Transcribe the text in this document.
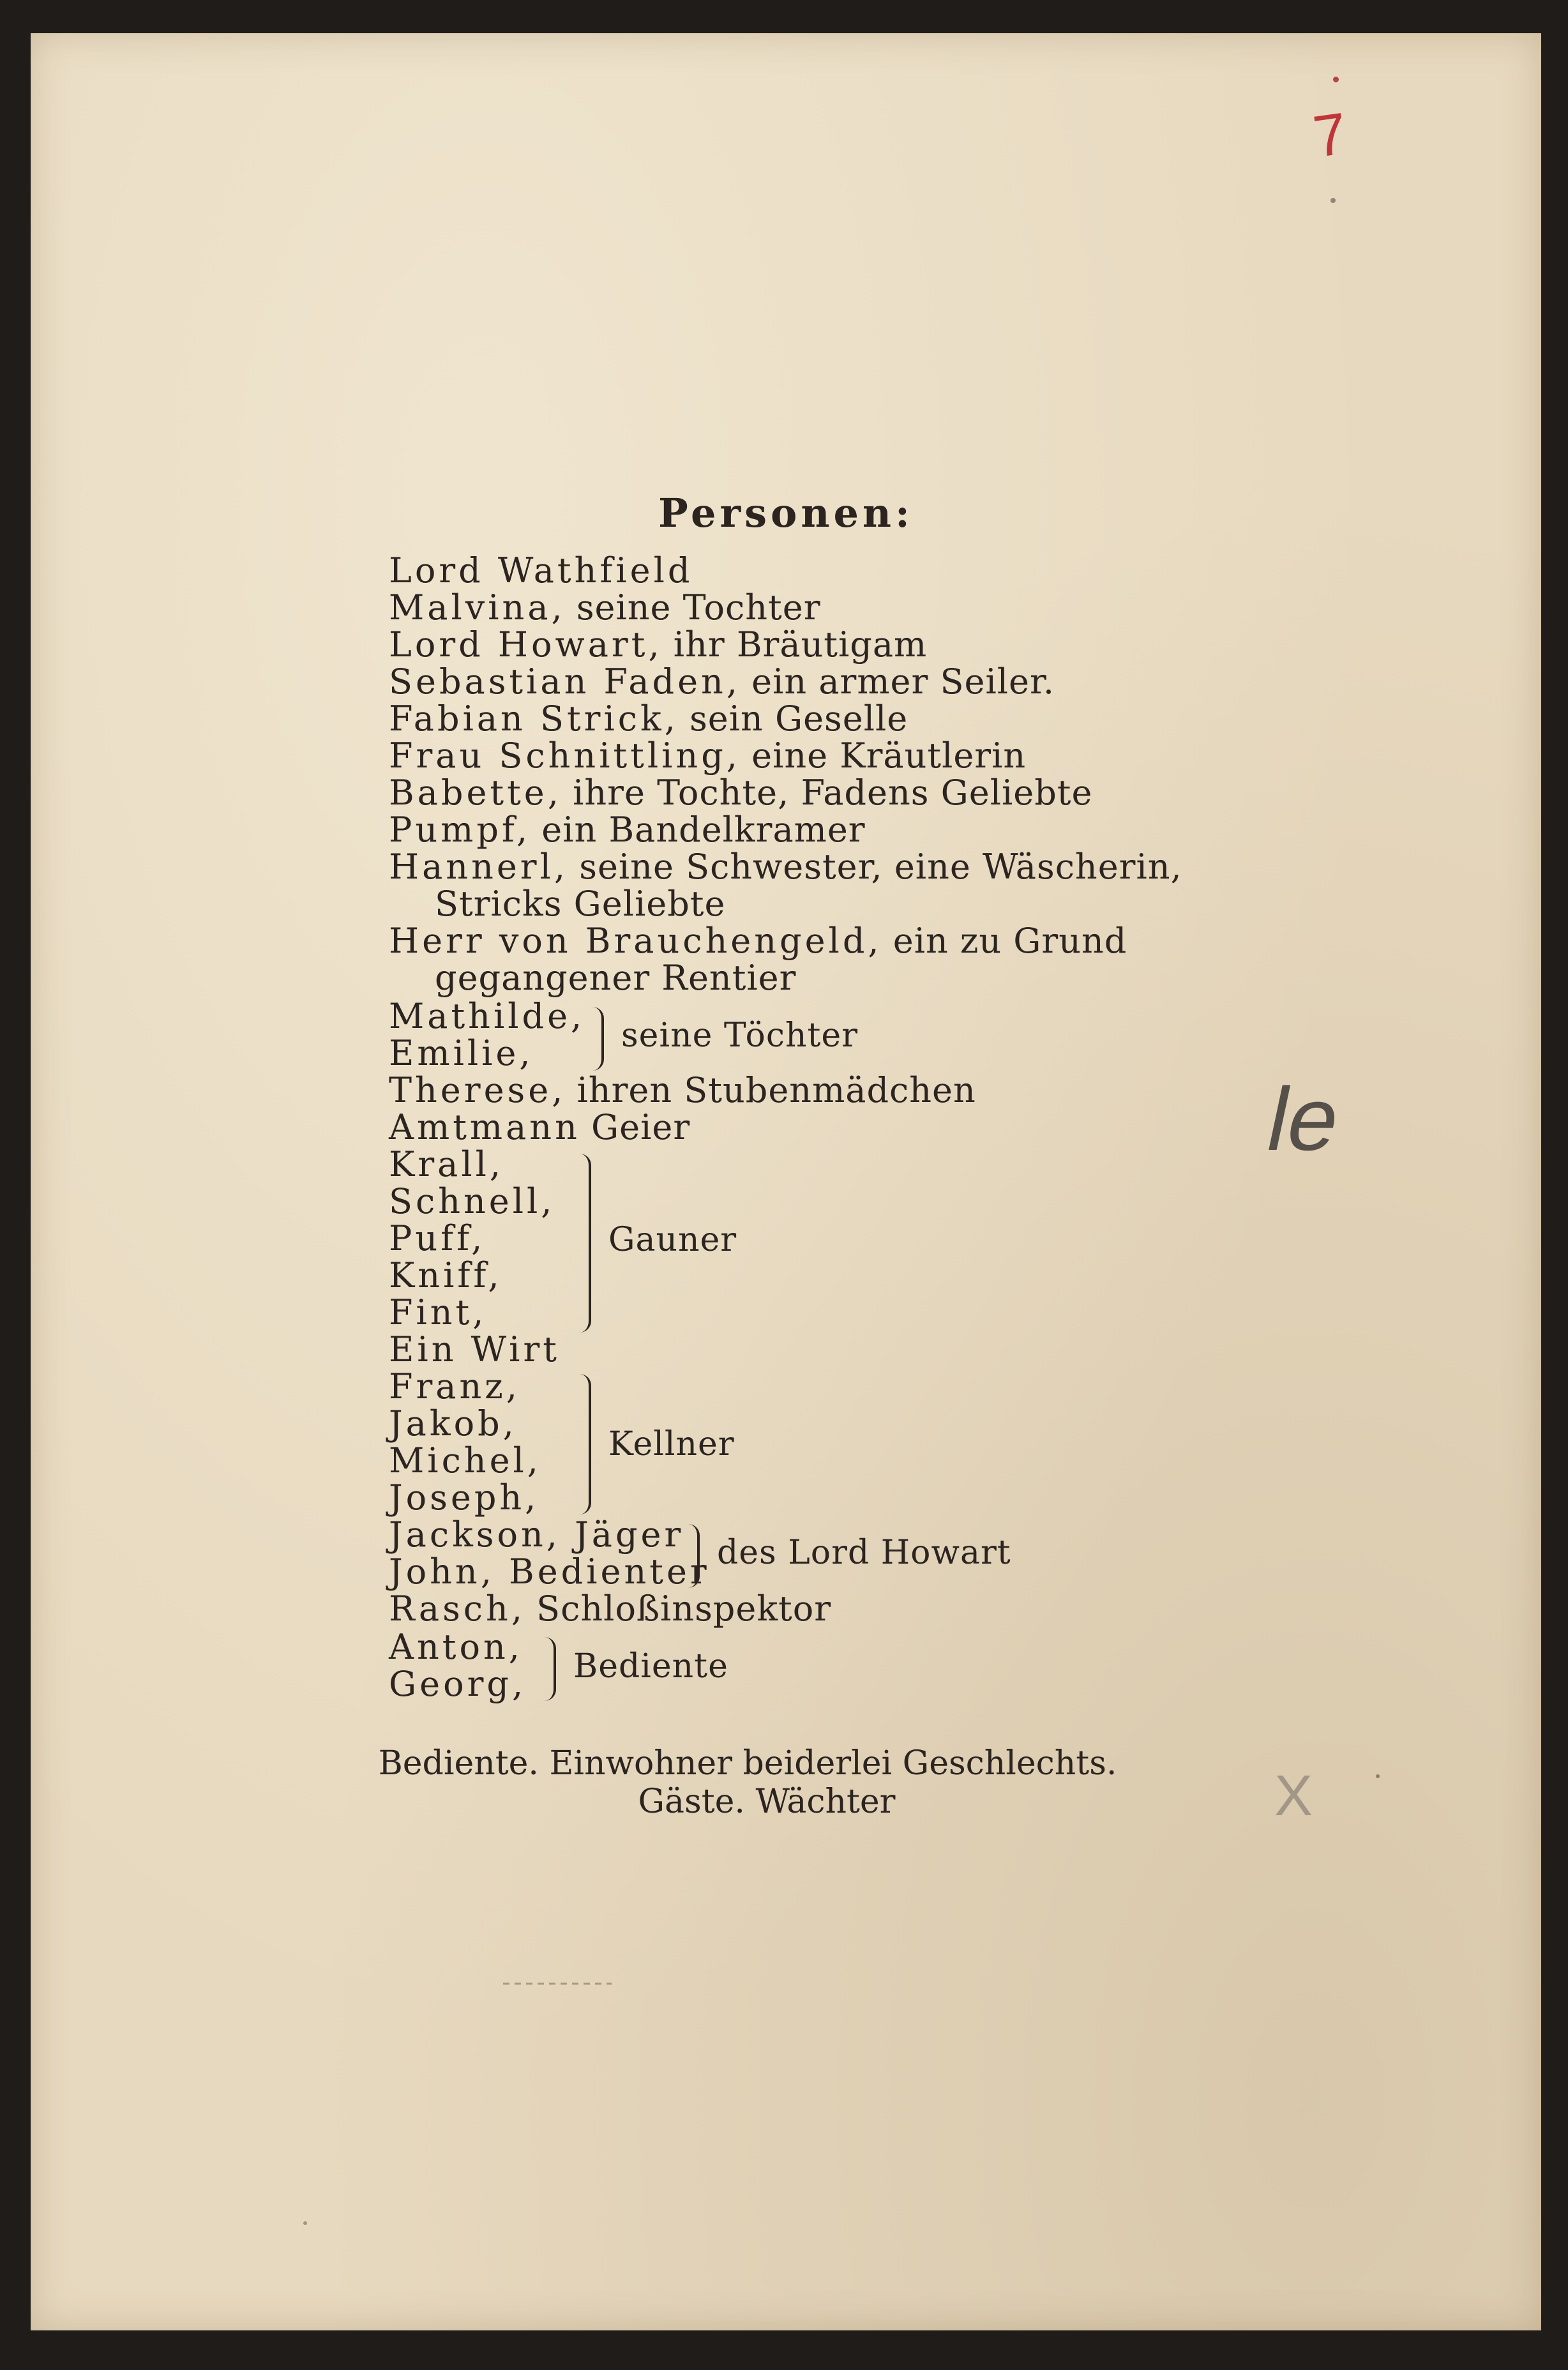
7
Personen:
Lord Wathfield
Malvina, seine Tochter
Lord Howart, ihr Bräutigam
Sebastian Faden, ein armer Seiler.
Fabian Strick, sein Geselle
Frau Schnittling, eine Kräutlerin
Babette, ihre Tochte, Fadens Geliebte
Pumpf, ein Bandelkramer
Hannerl, seine Schwester, eine Wäscherin,
Stricks Geliebte
Herr von Brauchengeld, ein zu Grund
gegangener Rentier
Mathilde,
Emilie,	seine Töchter
Therese, ihren Stubenmädchen
Amtmann Geier
Krall,
Schnell,
Puff,
Kniff,
Fint,
Gauner
Ein Wirt
Franz,
Jakob,
Michel,
Joseph,
Kellner
Jackson, Jäger
John, Bedienter des Lord Howart
Rasch, Schloßinspektor
Anton,
Georg, Bediente
Bediente. Einwohner beiderlei Geschlechts.
Gäste. Wächter
le
X
